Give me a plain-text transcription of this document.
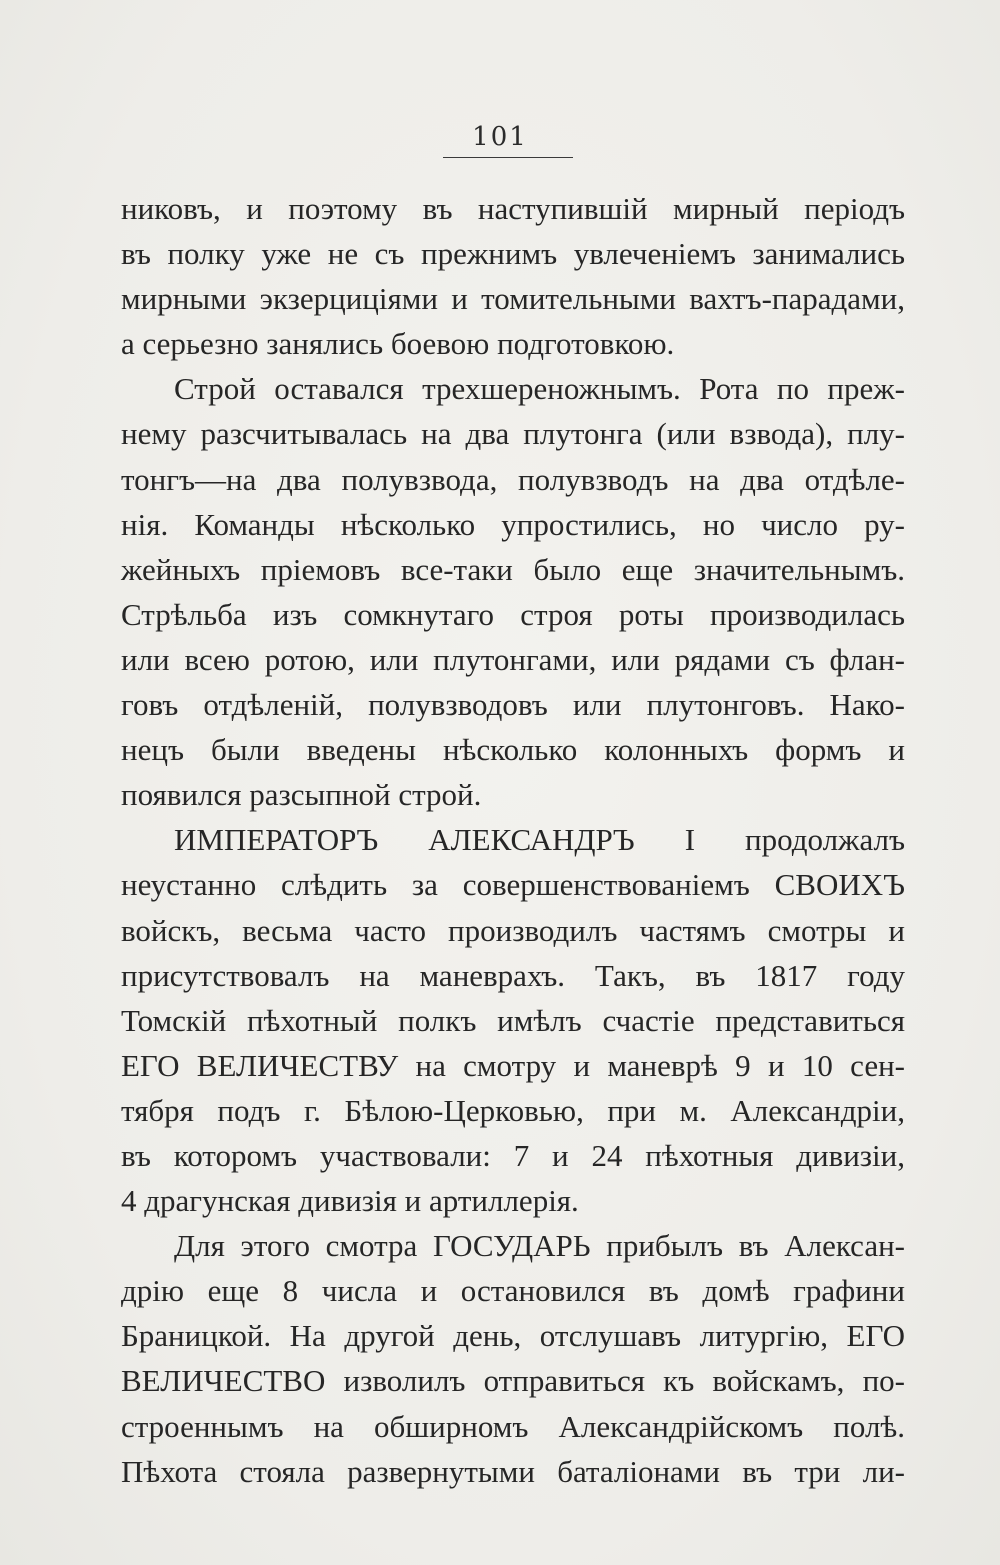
101
никовъ, и поэтому въ наступившій мирный періодъ
въ полку уже не съ прежнимъ увлеченіемъ занимались
мирными экзерциціями и томительными вахтъ-парадами,
а серьезно занялись боевою подготовкою.
Строй оставался трехшереножнымъ. Рота по преж-
нему разсчитывалась на два плутонга (или взвода), плу-
тонгъ—на два полувзвода, полувзводъ на два отдѣле-
нія. Команды нѣсколько упростились, но число ру-
жейныхъ пріемовъ все-таки было еще значительнымъ.
Стрѣльба изъ сомкнутаго строя роты производилась
или всею ротою, или плутонгами, или рядами съ флан-
говъ отдѣленій, полувзводовъ или плутонговъ. Нако-
нецъ были введены нѣсколько колонныхъ формъ и
появился разсыпной строй.
ИМПЕРАТОРЪ АЛЕКСАНДРЪ I продолжалъ
неустанно слѣдить за совершенствованіемъ СВОИХЪ
войскъ, весьма часто производилъ частямъ смотры и
присутствовалъ на маневрахъ. Такъ, въ 1817 году
Томскій пѣхотный полкъ имѣлъ счастіе представиться
ЕГО ВЕЛИЧЕСТВУ на смотру и маневрѣ 9 и 10 сен-
тября подъ г. Бѣлою-Церковью, при м. Александріи,
въ которомъ участвовали: 7 и 24 пѣхотныя дивизіи,
4 драгунская дивизія и артиллерія.
Для этого смотра ГОСУДАРЬ прибылъ въ Алексан-
дрію еще 8 числа и остановился въ домѣ графини
Браницкой. На другой день, отслушавъ литургію, ЕГО
ВЕЛИЧЕСТВО изволилъ отправиться къ войскамъ, по-
строеннымъ на обширномъ Александрійскомъ полѣ.
Пѣхота стояла развернутыми баталіонами въ три ли-
